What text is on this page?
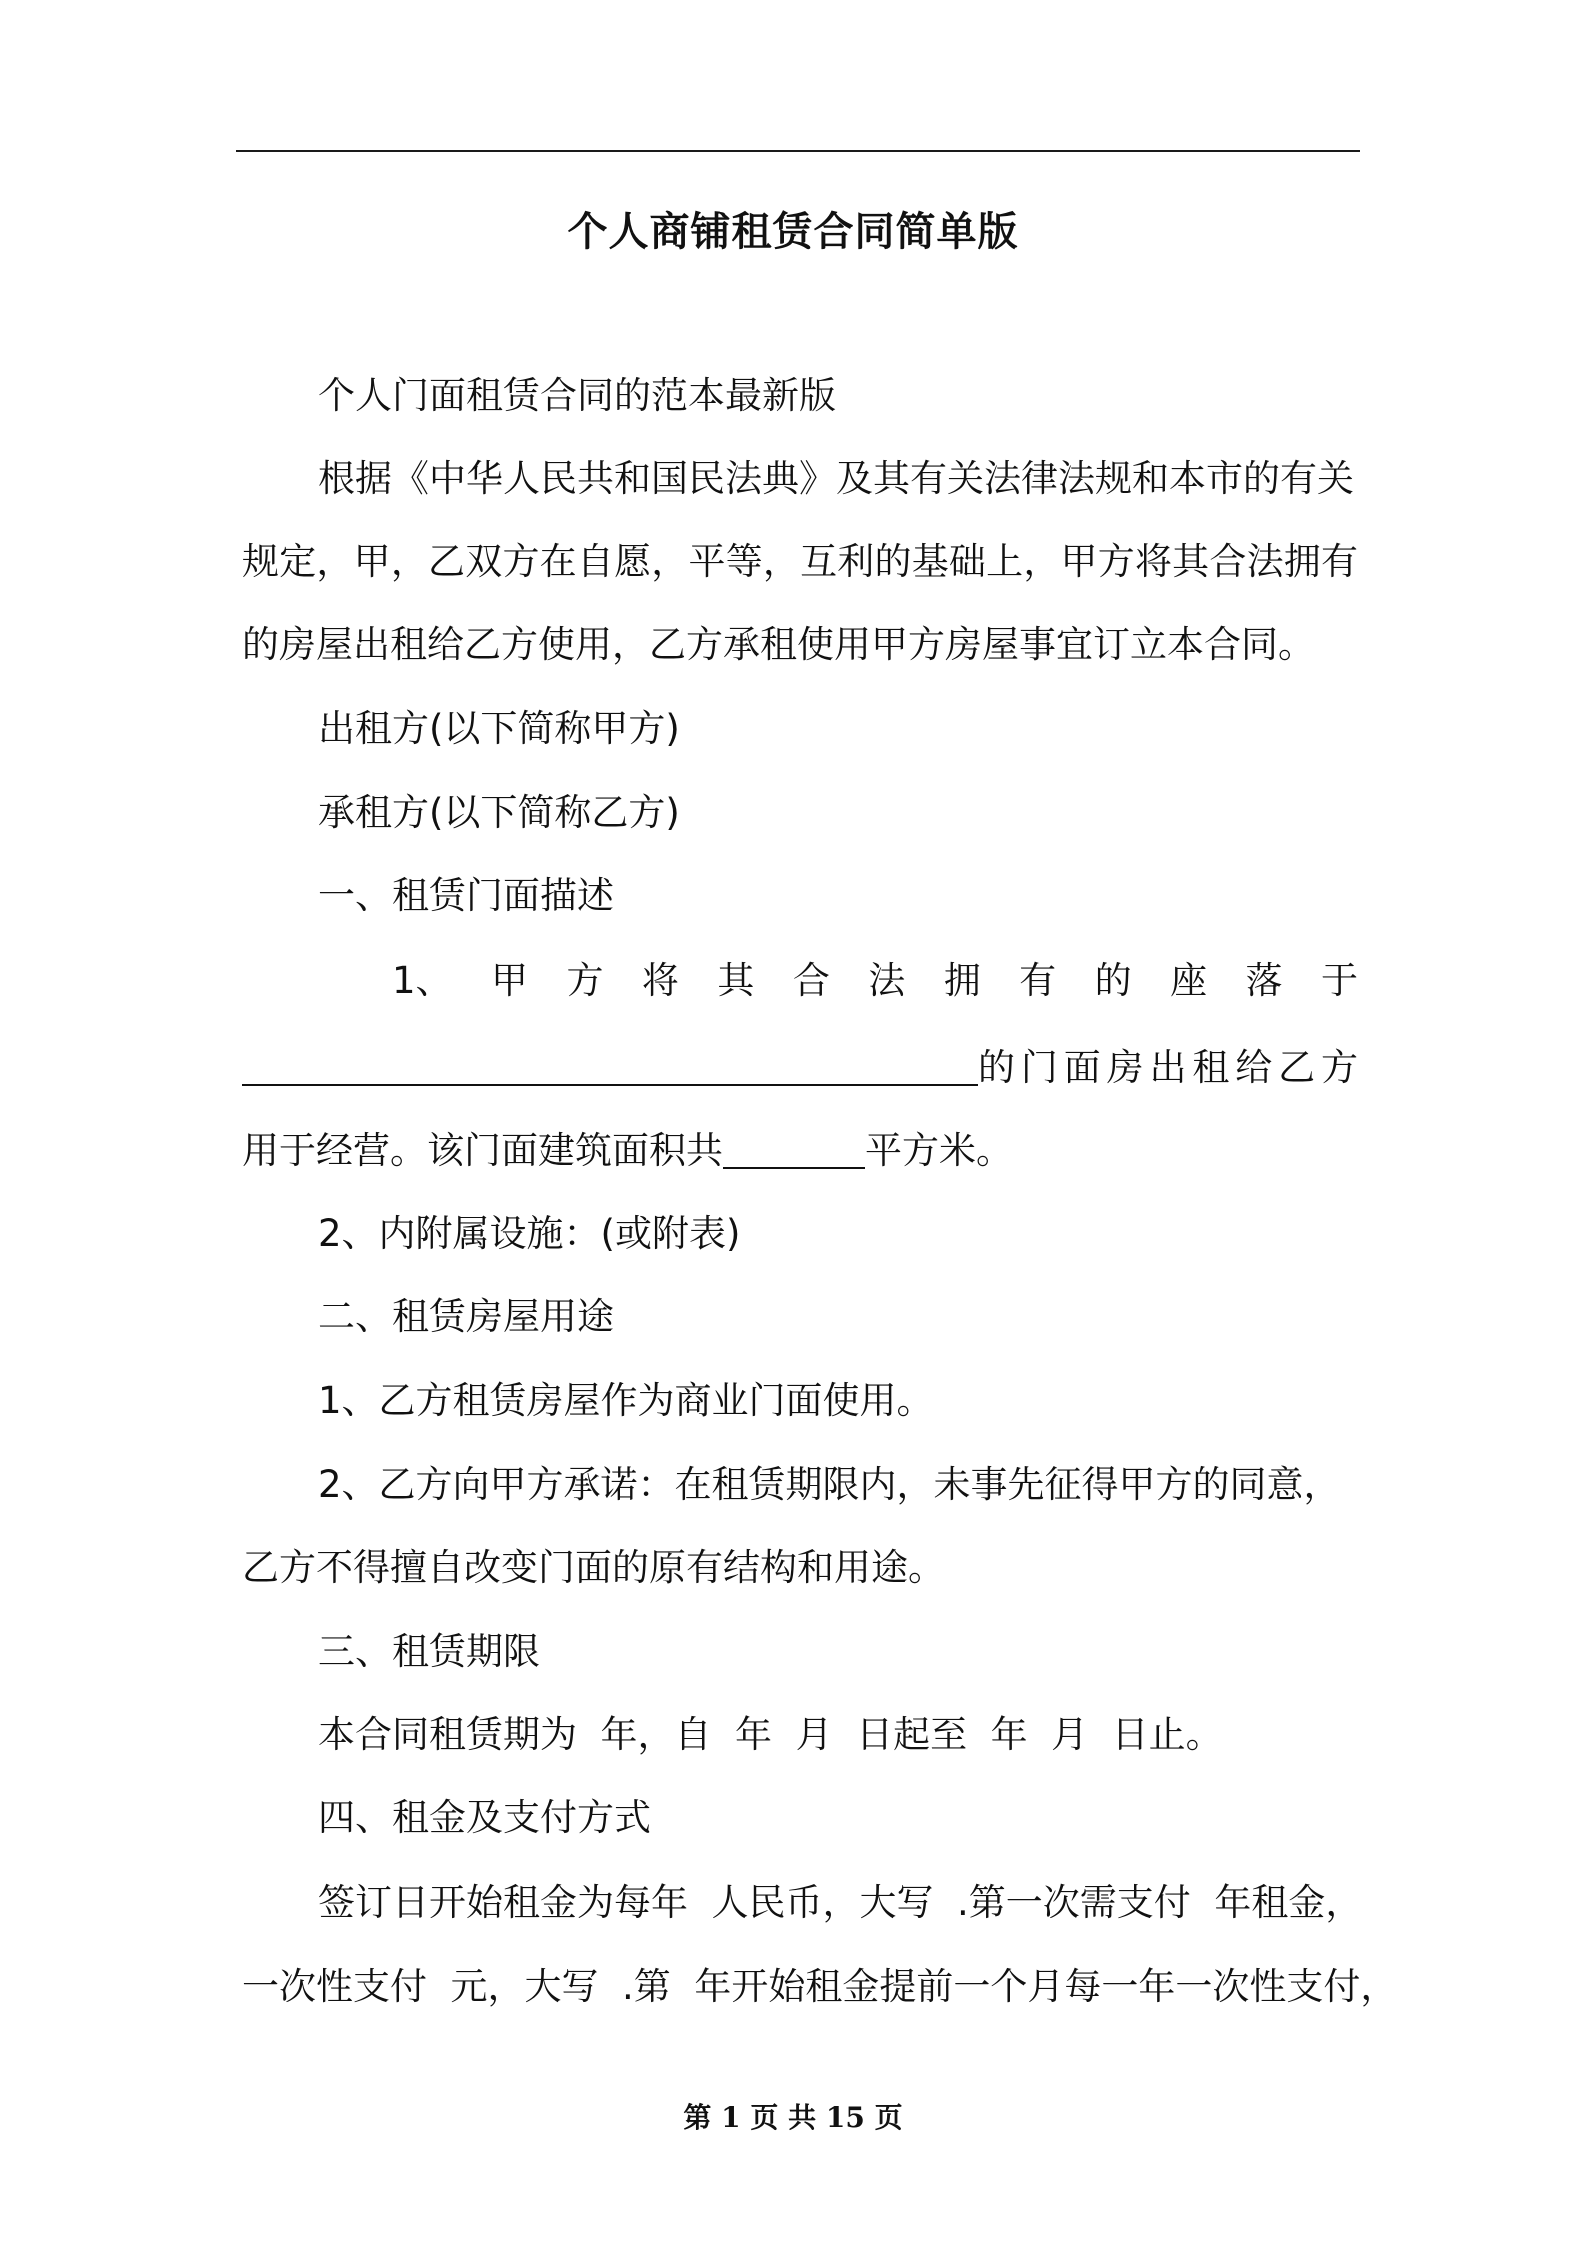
个人商铺租赁合同简单版
个人门面租赁合同的范本最新版
根据《中华人民共和国民法典》及其有关法律法规和本市的有关
规定，甲，乙双方在自愿，平等，互利的基础上，甲方将其合法拥有
的房屋出租给乙方使用，乙方承租使用甲方房屋事宜订立本合同。
出租方(以下简称甲方)
承租方(以下简称乙方)
一、租赁门面描述
1、 甲 方 将 其 合 法 拥 有 的 座 落 于
的门面房出租给乙方
用于经营。该门面建筑面积共	平方米。
2、内附属设施：(或附表)
二、租赁房屋用途
1、乙方租赁房屋作为商业门面使用。
2、乙方向甲方承诺：在租赁期限内，未事先征得甲方的同意，
乙方不得擅自改变门面的原有结构和用途。
三、租赁期限
本合同租赁期为  年，自  年  月  日起至  年  月  日止。
四、租金及支付方式
签订日开始租金为每年  人民币，大写  .第一次需支付  年租金，
一次性支付  元，大写  .第  年开始租金提前一个月每一年一次性支付，
第 1 页 共 15 页
